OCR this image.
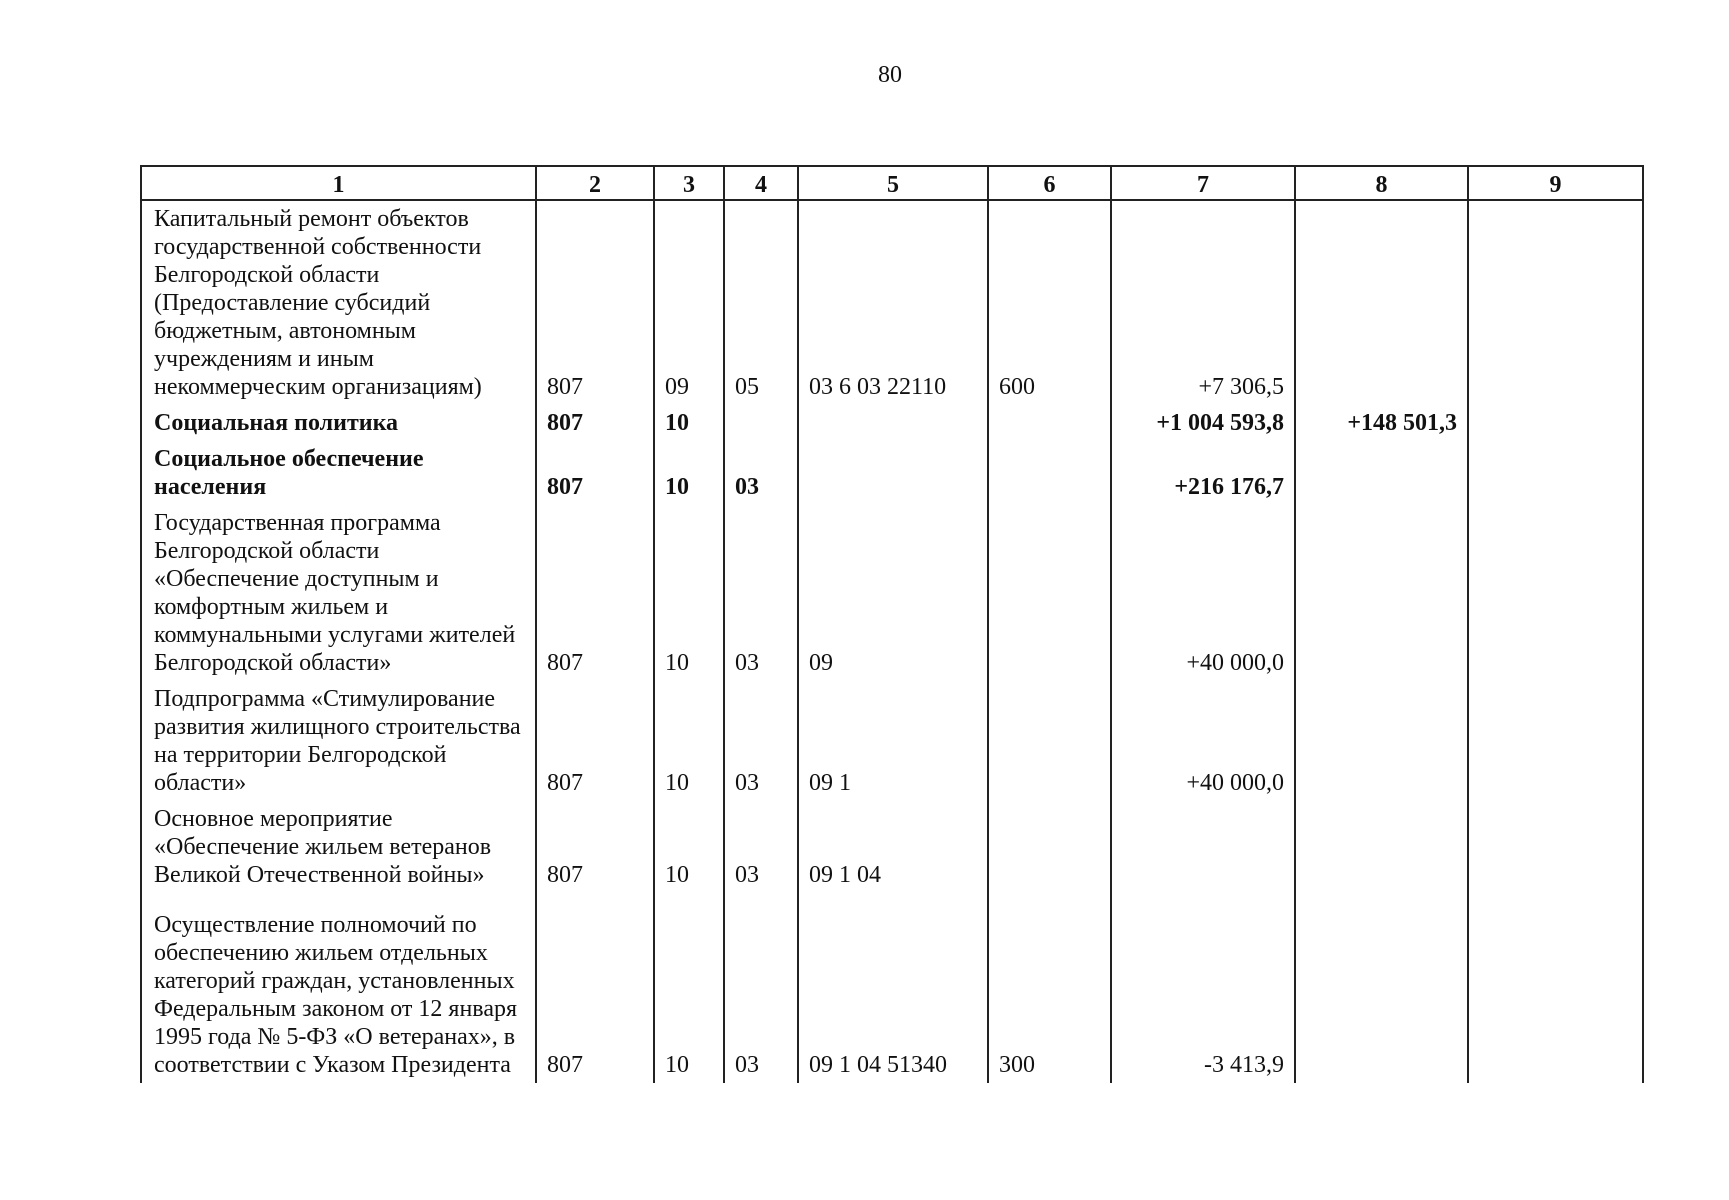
80
1	2	3	4	5	6	7	8	9
Капитальный ремонт объектов государственной собственности Белгородской области (Предоставление субсидий бюджетным, автономным учреждениям и иным некоммерческим организациям)	807	09	05	03 6 03 22110	600	+7 306,5		
Социальная политика	807	10				+1 004 593,8	+148 501,3	
Социальное обеспечение населения	807	10	03			+216 176,7		
Государственная программа Белгородской области «Обеспечение доступным и комфортным жильем и коммунальными услугами жителей Белгородской области»	807	10	03	09		+40 000,0		
Подпрограмма «Стимулирование развития жилищного строительства на территории Белгородской области»	807	10	03	09 1		+40 000,0		
Основное мероприятие «Обеспечение жильем ветеранов Великой Отечественной войны»	807	10	03	09 1 04				
Осуществление полномочий по обеспечению жильем отдельных категорий граждан, установленных Федеральным законом от 12 января 1995 года № 5-ФЗ «О ветеранах», в соответствии с Указом Президента	807	10	03	09 1 04 51340	300	-3 413,9		
